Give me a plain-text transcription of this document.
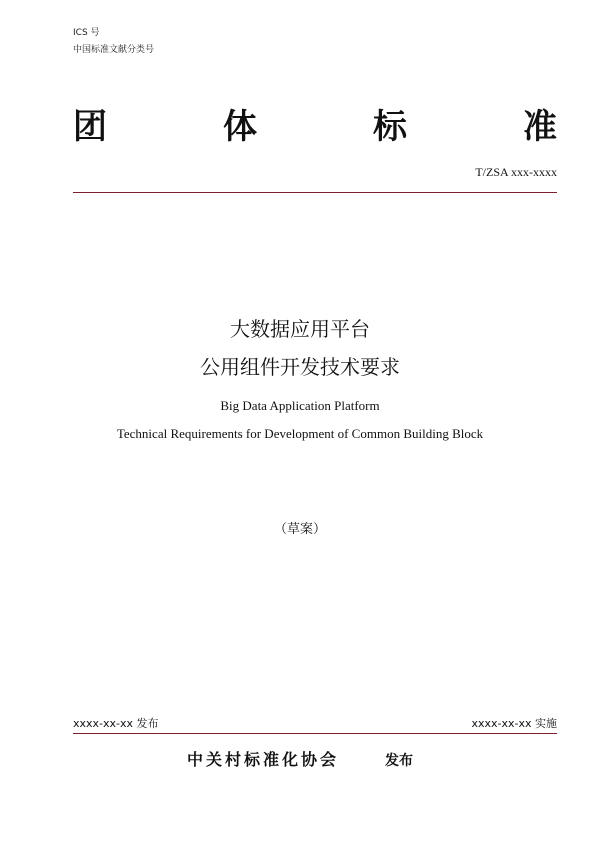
ICS 号
中国标准文献分类号
团	体	标	准
T/ZSA xxx-xxxx
大数据应用平台
公用组件开发技术要求
Big Data Application Platform
Technical Requirements for Development of Common Building Block
（草案）
xxxx-xx-xx 发布	xxxx-xx-xx 实施
中关村标准化协会	发布
